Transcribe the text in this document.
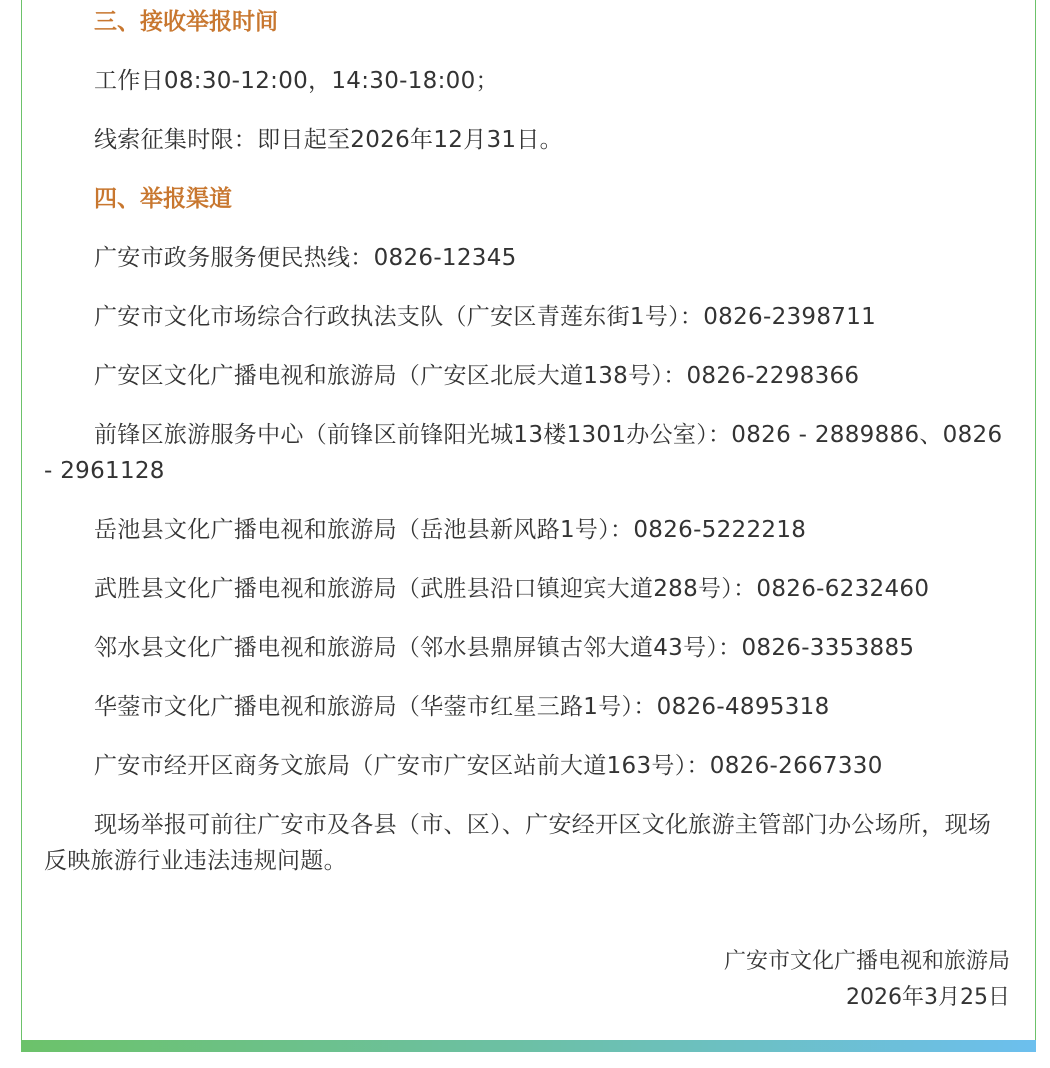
三、接收举报时间

工作日08:30-12:00，14:30-18:00；

线索征集时限：即日起至2026年12月31日。

四、举报渠道

广安市政务服务便民热线：0826-12345

广安市文化市场综合行政执法支队（广安区青莲东街1号）：0826-2398711

广安区文化广播电视和旅游局（广安区北辰大道138号）：0826-2298366

前锋区旅游服务中心（前锋区前锋阳光城13楼1301办公室）：0826 - 2889886、0826 - 2961128

岳池县文化广播电视和旅游局（岳池县新风路1号）：0826-5222218

武胜县文化广播电视和旅游局（武胜县沿口镇迎宾大道288号）：0826-6232460

邻水县文化广播电视和旅游局（邻水县鼎屏镇古邻大道43号）：0826-3353885

华蓥市文化广播电视和旅游局（华蓥市红星三路1号）：0826-4895318

广安市经开区商务文旅局（广安市广安区站前大道163号）：0826-2667330

现场举报可前往广安市及各县（市、区）、广安经开区文化旅游主管部门办公场所，现场反映旅游行业违法违规问题。

广安市文化广播电视和旅游局
2026年3月25日
